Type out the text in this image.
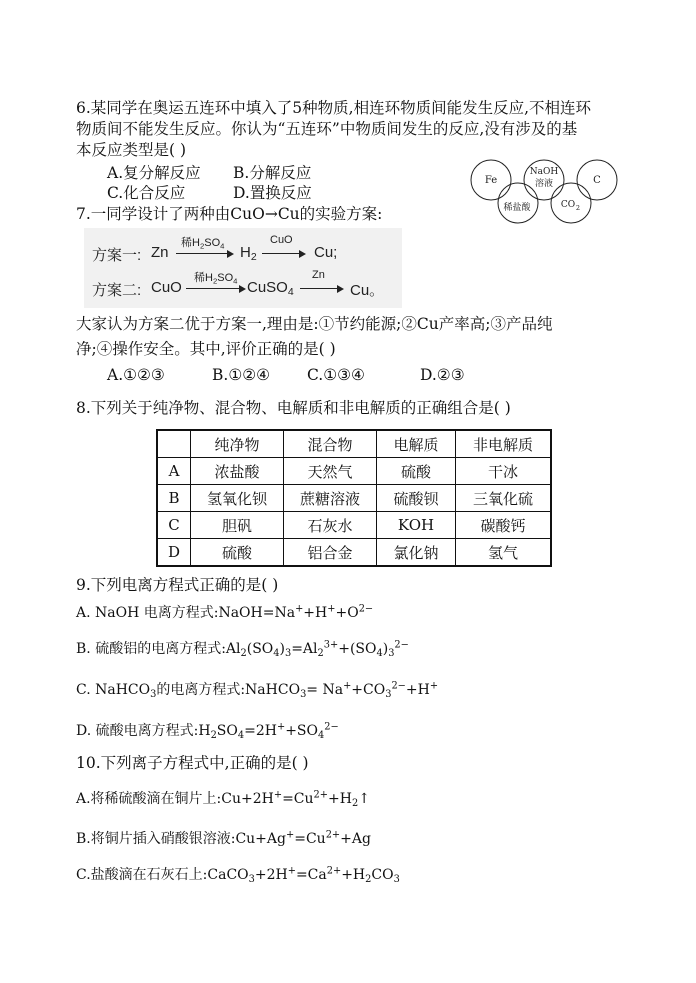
6.某同学在奥运五连环中填入了5种物质,相连环物质间能发生反应,不相连环
物质间不能发生反应。你认为“五连环”中物质间发生的反应,没有涉及的基
本反应类型是( )
A.复分解反应 B.分解反应
C.化合反应	D.置换反应
Fe
NaOH
溶液	C
稀盐酸	CO 2
7.一同学设计了两种由CuO→Cu的实验方案:
方案一: Zn
稀$H_2SO_4$ $H_2$
CuO
Cu;
方案二: CuO
稀$H_2SO_4$ CuSO$_4$
Zn
Cu。
大家认为方案二优于方案一,理由是:①节约能源;②Cu产率高;③产品纯
净;④操作安全。其中,评价正确的是( )
A.①②③	B.①②④ C.①③④	D.②③
8.下列关于纯净物、混合物、电解质和非电解质的正确组合是( )
	纯净物	混合物	电解质	非电解质
A	浓盐酸	天然气	硫酸	干冰
B	氢氧化钡	蔗糖溶液	硫酸钡	三氧化硫
C	胆矾	石灰水	KOH	碳酸钙
D	硫酸	铝合金	氯化钠	氢气
9.下列电离方程式正确的是( )
A. NaOH 电离方程式$:NaOH=Na^++H^++O^{2-}$
B. 硫酸铝的电离方程式$:Al_2(SO_4)_3=Al_2^{3+}+(SO_4)_3^{2-}$
C. NaHCO$_3$的电离方程式:NaHCO$_3$= $Na^++CO_3^{2-}+H^+$
D. 硫酸电离方程式$:H_2SO_4=2H^++SO_4^{2-}$
10.下列离子方程式中,正确的是( )
A.将稀硫酸滴在铜片上$:Cu+2H^+=Cu^{2+}+H_2↑$
B.将铜片插入硝酸银溶液$:Cu+Ag^+=Cu^{2+}+Ag$
C.盐酸滴在石灰石上$:CaCO_3+2H^+=Ca^{2+}+H_2CO_3$
